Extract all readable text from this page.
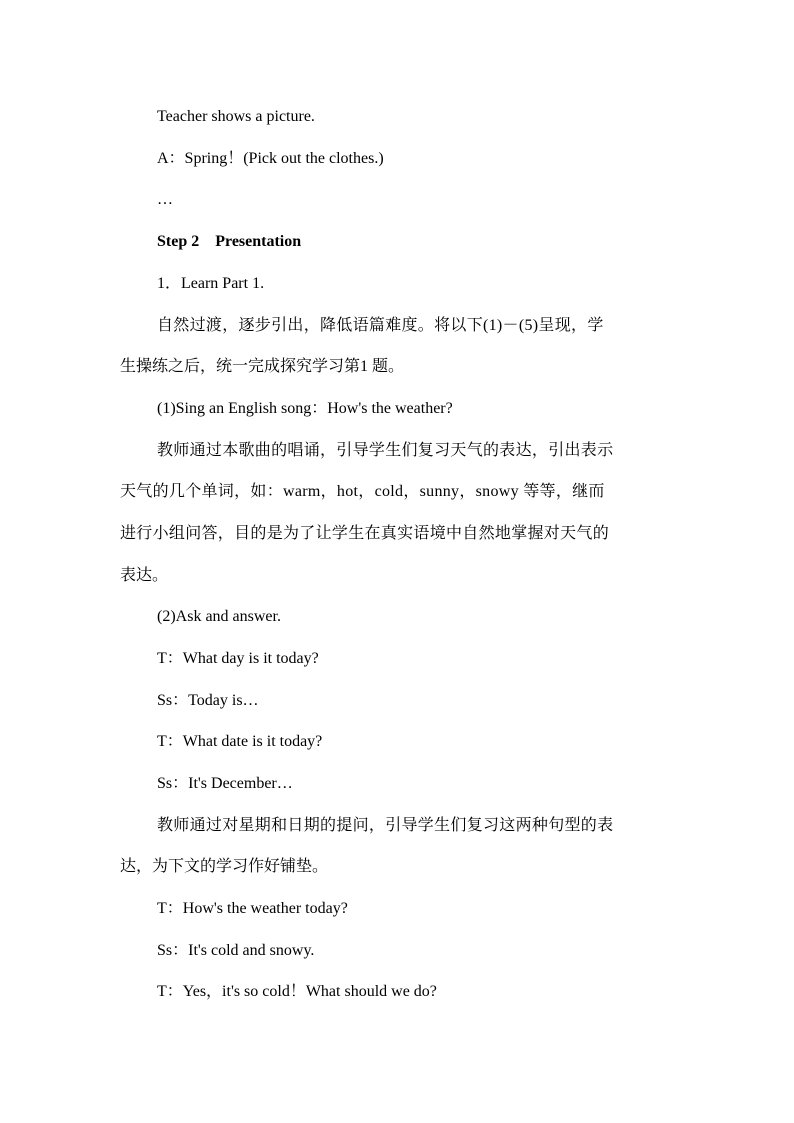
Teacher shows a picture.
A：Spring！(Pick out the clothes.)
…
Step 2　Presentation
1．Learn Part 1.
自然过渡，逐步引出，降低语篇难度。将以下(1)－(5)呈现，学
生操练之后，统一完成探究学习第1 题。
(1)Sing an English song：How's the weather?
教师通过本歌曲的唱诵，引导学生们复习天气的表达，引出表示
天气的几个单词，如：warm，hot，cold，sunny，snowy 等等，继而
进行小组问答，目的是为了让学生在真实语境中自然地掌握对天气的
表达。
(2)Ask and answer.
T：What day is it today?
Ss：Today is…
T：What date is it today?
Ss：It's December…
教师通过对星期和日期的提问，引导学生们复习这两种句型的表
达，为下文的学习作好铺垫。
T：How's the weather today?
Ss：It's cold and snowy.
T：Yes，it's so cold！What should we do?
